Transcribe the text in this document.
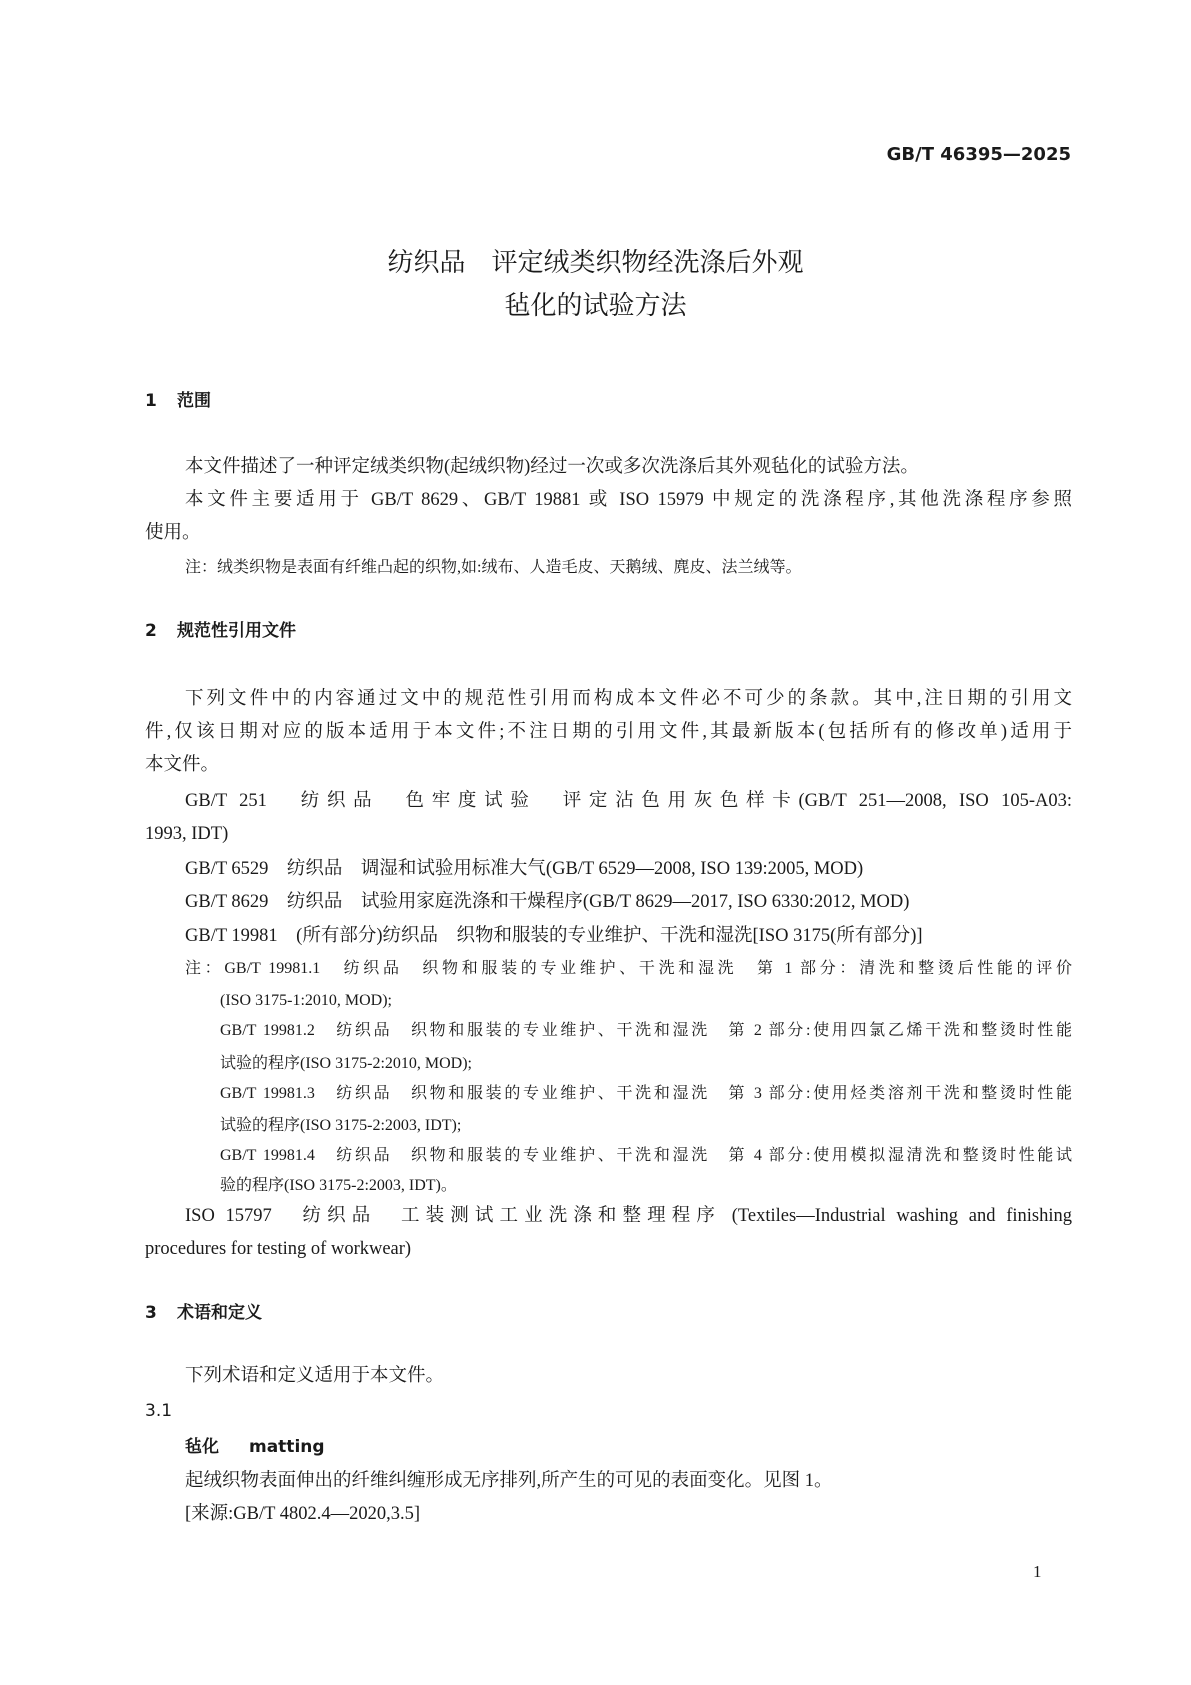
GB/T 46395—2025
纺织品　评定绒类织物经洗涤后外观
毡化的试验方法
1 范围
本文件描述了一种评定绒类织物(起绒织物)经过一次或多次洗涤后其外观毡化的试验方法。
本文件主要适用于 GB/T 8629、GB/T 19881 或 ISO 15979 中规定的洗涤程序,其他洗涤程序参照
使用。
注：绒类织物是表面有纤维凸起的织物,如:绒布、人造毛皮、天鹅绒、麂皮、法兰绒等。
2 规范性引用文件
下列文件中的内容通过文中的规范性引用而构成本文件必不可少的条款。其中,注日期的引用文
件,仅该日期对应的版本适用于本文件;不注日期的引用文件,其最新版本(包括所有的修改单)适用于
本文件。
GB/T 251　纺织品　色牢度试验　评定沾色用灰色样卡(GB/T 251—2008, ISO 105-A03:
1993, IDT)
GB/T 6529　纺织品　调湿和试验用标准大气(GB/T 6529—2008, ISO 139:2005, MOD)
GB/T 8629　纺织品　试验用家庭洗涤和干燥程序(GB/T 8629—2017, ISO 6330:2012, MOD)
GB/T 19981　(所有部分)纺织品　织物和服装的专业维护、干洗和湿洗[ISO 3175(所有部分)]
注：GB/T 19981.1　纺织品　织物和服装的专业维护、干洗和湿洗　第 1 部分：清洗和整烫后性能的评价
(ISO 3175-1:2010, MOD);
GB/T 19981.2　纺织品　织物和服装的专业维护、干洗和湿洗　第 2 部分:使用四氯乙烯干洗和整烫时性能
试验的程序(ISO 3175-2:2010, MOD);
GB/T 19981.3　纺织品　织物和服装的专业维护、干洗和湿洗　第 3 部分:使用烃类溶剂干洗和整烫时性能
试验的程序(ISO 3175-2:2003, IDT);
GB/T 19981.4　纺织品　织物和服装的专业维护、干洗和湿洗　第 4 部分:使用模拟湿清洗和整烫时性能试
验的程序(ISO 3175-2:2003, IDT)。
ISO 15797　纺织品　工装测试工业洗涤和整理程序 (Textiles—Industrial washing and finishing
procedures for testing of workwear)
3 术语和定义
下列术语和定义适用于本文件。
3.1
毡化 matting
起绒织物表面伸出的纤维纠缠形成无序排列,所产生的可见的表面变化。见图 1。
[来源:GB/T 4802.4—2020,3.5]
1
